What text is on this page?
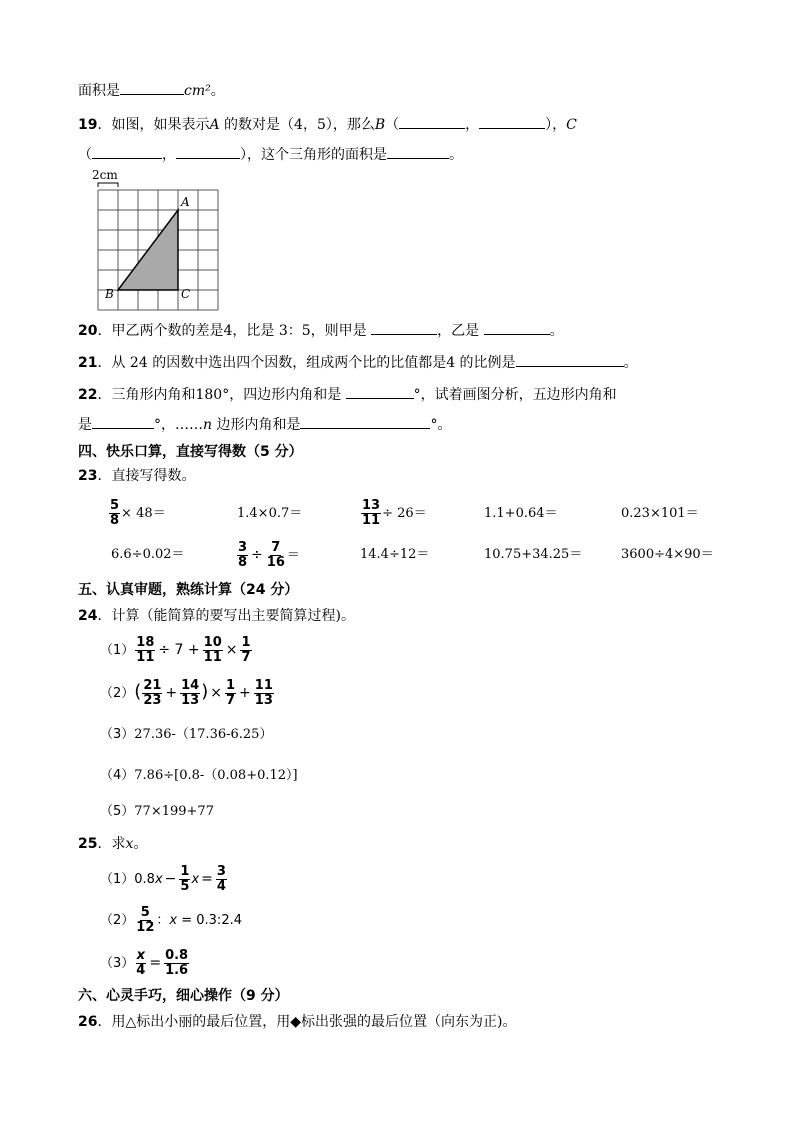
面积是	cm²。
19．如图，如果表示A 的数对是（4，5），那么B（	，	），C
（	，	），这个三角形的面积是	。
2cm
A
B	C
20．甲乙两个数的差是4，比是 3：5，则甲是	，乙是	。
21．从 24 的因数中选出四个因数，组成两个比的比值都是4 的比例是	。
22．三角形内角和180°，四边形内角和是	°，试着画图分析，五边形内角和
是	°，……n 边形内角和是	°。
四、快乐口算，直接写得数（5 分）
23．直接写得数。
$\frac{5}{8} \times 48=$	1.4×0.7＝	$\frac{13}{11} \div 26=$	1.1+0.64＝	0.23×101＝
6.6÷0.02＝	$\frac{3}{8} \div \frac{7}{16}$ ＝	14.4÷12＝	10.75+34.25＝	3600÷4×90＝
五、认真审题，熟练计算（24 分）
24．计算（能简算的要写出主要简算过程)。
$(1) \frac{18}{11} \div 7 + \frac{10}{11} \times \frac{1}{7}$
$(2)( \frac{21}{23} + \frac{14}{13}$ ) × $\frac{1}{7} + \frac{11}{13}$
（3）27.36-（17.36-6.25）
（4）7.86÷[0.8-（0.08+0.12）]
（5）77×199+77
25．求x。
$(1)0.8x - \frac{1}{5}$ $x = \frac{3}{4}$
$(2) \frac{5}{12}$ ：x = 0.3:2.4
$(3) \frac{x}{4} = \frac{0.8}{1.6}$
六、心灵手巧，细心操作（9 分）
26．用△标出小丽的最后位置，用◆标出张强的最后位置（向东为正)。
